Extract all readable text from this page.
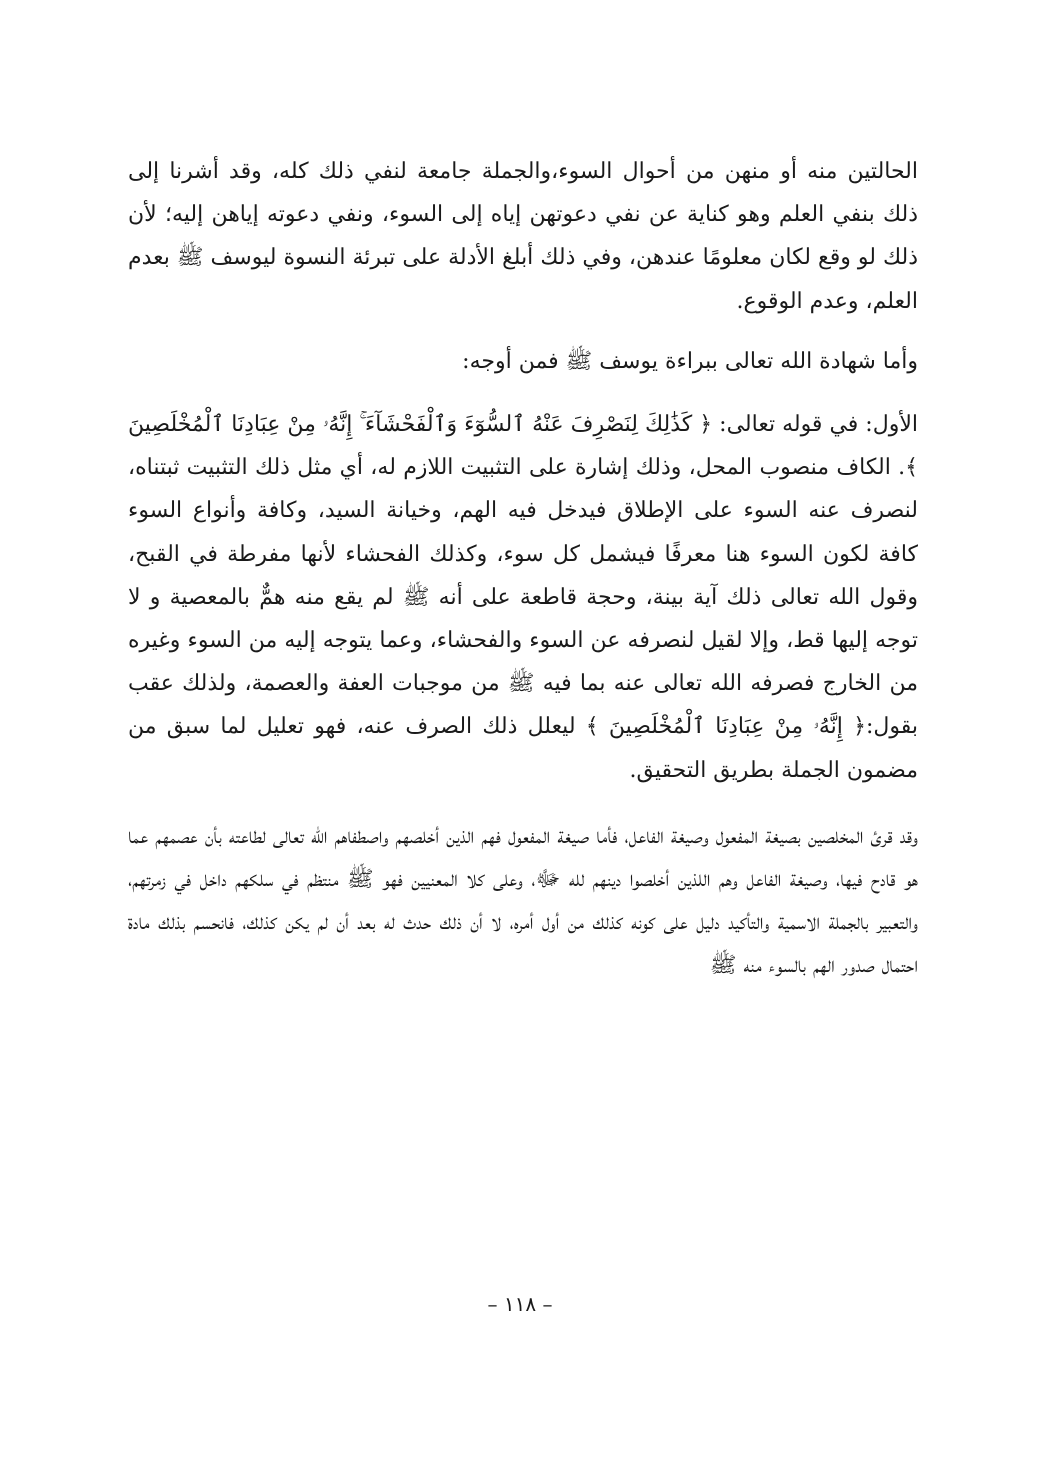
الحالتين منه أو منهن من أحوال السوء،والجملة جامعة لنفي ذلك كله، وقد أشرنا إلى ذلك بنفي العلم وهو كناية عن نفي دعوتهن إياه إلى السوء، ونفي دعوته إياهن إليه؛ لأن ذلك لو وقع لكان معلومًا عندهن، وفي ذلك أبلغ الأدلة على تبرئة النسوة ليوسف ﷺ بعدم العلم، وعدم الوقوع.

وأما شهادة الله تعالى ببراءة يوسف ﷺ فمن أوجه:

الأول: في قوله تعالى: ﴿ كَذَٰلِكَ لِنَصْرِفَ عَنْهُ ٱلسُّوٓءَ وَٱلْفَحْشَآءَ ۚ إِنَّهُۥ مِنْ عِبَادِنَا ٱلْمُخْلَصِينَ ﴾. الكاف منصوب المحل، وذلك إشارة على التثبيت اللازم له، أي مثل ذلك التثبيت ثبتناه، لنصرف عنه السوء على الإطلاق فيدخل فيه الهم، وخيانة السيد، وكافة وأنواع السوء كافة لكون السوء هنا معرفًا فيشمل كل سوء، وكذلك الفحشاء لأنها مفرطة في القبح، وقول الله تعالى ذلك آية بينة، وحجة قاطعة على أنه ﷺ لم يقع منه همٌّ بالمعصية و لا توجه إليها قط، وإلا لقيل لنصرفه عن السوء والفحشاء، وعما يتوجه إليه من السوء وغيره من الخارج فصرفه الله تعالى عنه بما فيه ﷺ من موجبات العفة والعصمة، ولذلك عقب بقول:﴿ إِنَّهُۥ مِنْ عِبَادِنَا ٱلْمُخْلَصِينَ ﴾ ليعلل ذلك الصرف عنه، فهو تعليل لما سبق من مضمون الجملة بطريق التحقيق.

وقد قرئ المخلصين بصيغة المفعول وصيغة الفاعل، فأما صيغة المفعول فهم الذين أخلصهم واصطفاهم الله تعالى لطاعته بأن عصمهم عما هو قادح فيها، وصيغة الفاعل وهم اللذين أخلصوا دينهم لله ﷻ، وعلى كلا المعنيين فهو ﷺ منتظم في سلكهم داخل في زمرتهم، والتعبير بالجملة الاسمية والتأكيد دليل على كونه كذلك من أول أمره، لا أن ذلك حدث له بعد أن لم يكن كذلك، فانحسم بذلك مادة احتمال صدور الهم بالسوء منه ﷺ

– ١١٨ –
